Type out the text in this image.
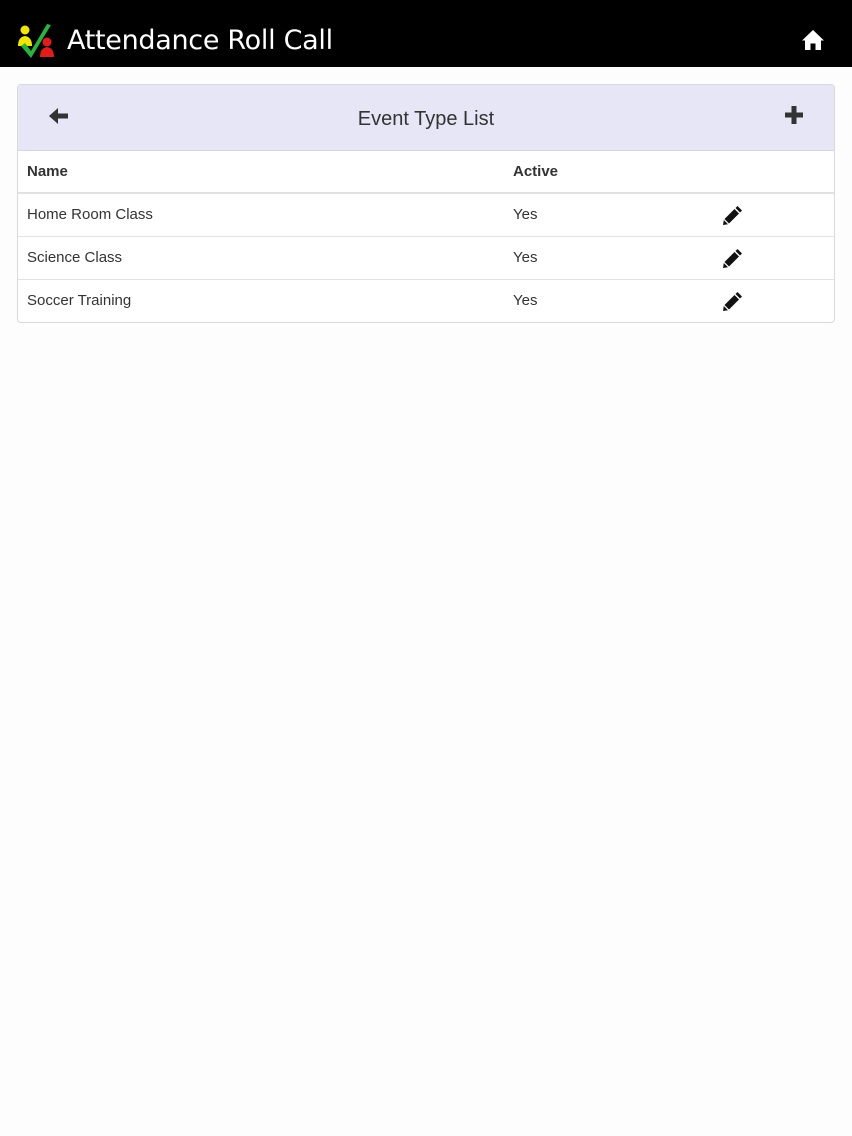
Attendance Roll Call
Event Type List
Name	Active	
Home Room Class	Yes	
Science Class	Yes	
Soccer Training	Yes	
